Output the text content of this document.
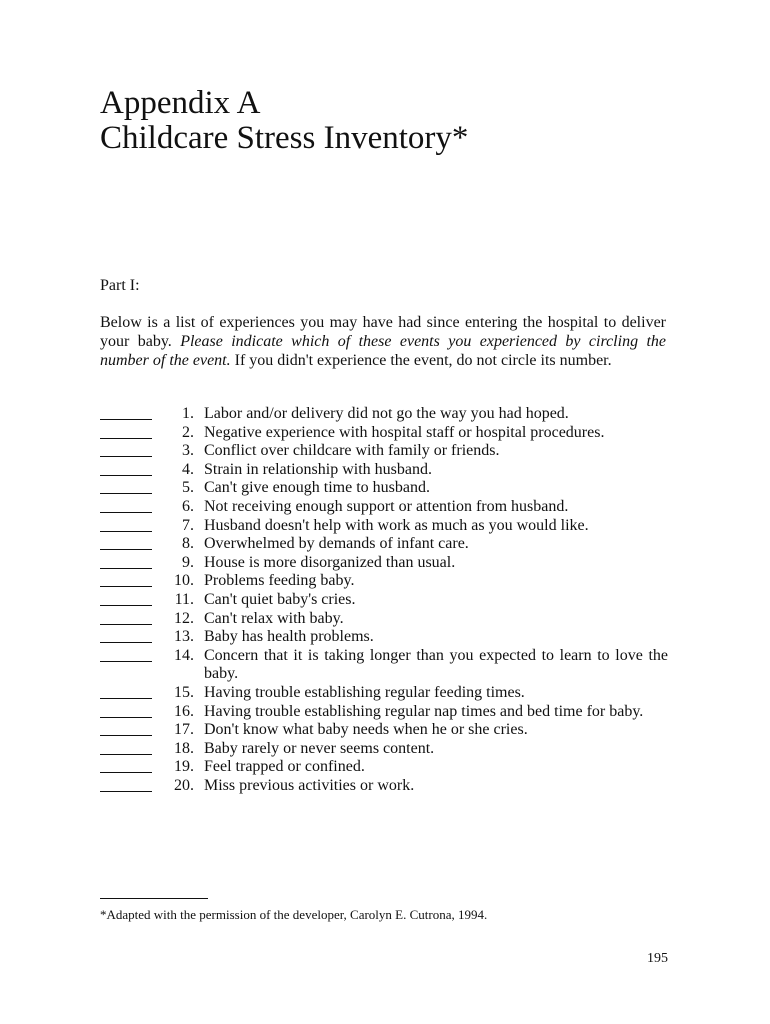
Appendix A
Childcare Stress Inventory*
Part I:

Below is a list of experiences you may have had since entering the hospital to deliver your baby. Please indicate which of these events you experienced by circling the number of the event. If you didn't experience the event, do not circle its number.

1. Labor and/or delivery did not go the way you had hoped.
2. Negative experience with hospital staff or hospital procedures.
3. Conflict over childcare with family or friends.
4. Strain in relationship with husband.
5. Can't give enough time to husband.
6. Not receiving enough support or attention from husband.
7. Husband doesn't help with work as much as you would like.
8. Overwhelmed by demands of infant care.
9. House is more disorganized than usual.
10. Problems feeding baby.
11. Can't quiet baby's cries.
12. Can't relax with baby.
13. Baby has health problems.
14. Concern that it is taking longer than you expected to learn to love the baby.
15. Having trouble establishing regular feeding times.
16. Having trouble establishing regular nap times and bed time for baby.
17. Don't know what baby needs when he or she cries.
18. Baby rarely or never seems content.
19. Feel trapped or confined.
20. Miss previous activities or work.

*Adapted with the permission of the developer, Carolyn E. Cutrona, 1994.

195
